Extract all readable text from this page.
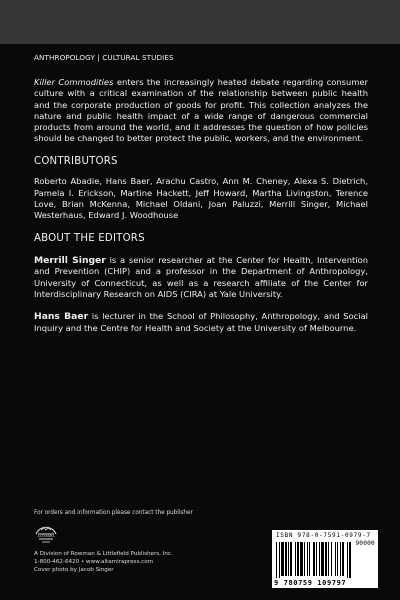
ANTHROPOLOGY | CULTURAL STUDIES

Killer Commodities enters the increasingly heated debate regarding consumer culture with a critical examination of the relationship between public health and the corporate production of goods for profit. This collection analyzes the nature and public health impact of a wide range of dangerous commercial products from around the world, and it addresses the question of how policies should be changed to better protect the public, workers, and the environment.

CONTRIBUTORS

Roberto Abadie, Hans Baer, Arachu Castro, Ann M. Cheney, Alexa S. Dietrich, Pamela I. Erickson, Martine Hackett, Jeff Howard, Martha Livingston, Terence Love, Brian McKenna, Michael Oldani, Joan Paluzzi, Merrill Singer, Michael Westerhaus, Edward J. Woodhouse

ABOUT THE EDITORS

Merrill Singer is a senior researcher at the Center for Health, Intervention and Prevention (CHIP) and a professor in the Department of Anthropology, University of Connecticut, as well as a research affiliate of the Center for Interdisciplinary Research on AIDS (CIRA) at Yale University.

Hans Baer is lecturer in the School of Philosophy, Anthropology, and Social Inquiry and the Centre for Health and Society at the University of Melbourne.

For orders and information please contact the publisher
ALTAMIRA
A Division of Rowman & Littlefield Publishers, Inc.
1-800-462-6420 • www.altamirapress.com
Cover photo by Jacob Singer
ISBN 978-0-7591-0979-7
90000
9 780759 109797
